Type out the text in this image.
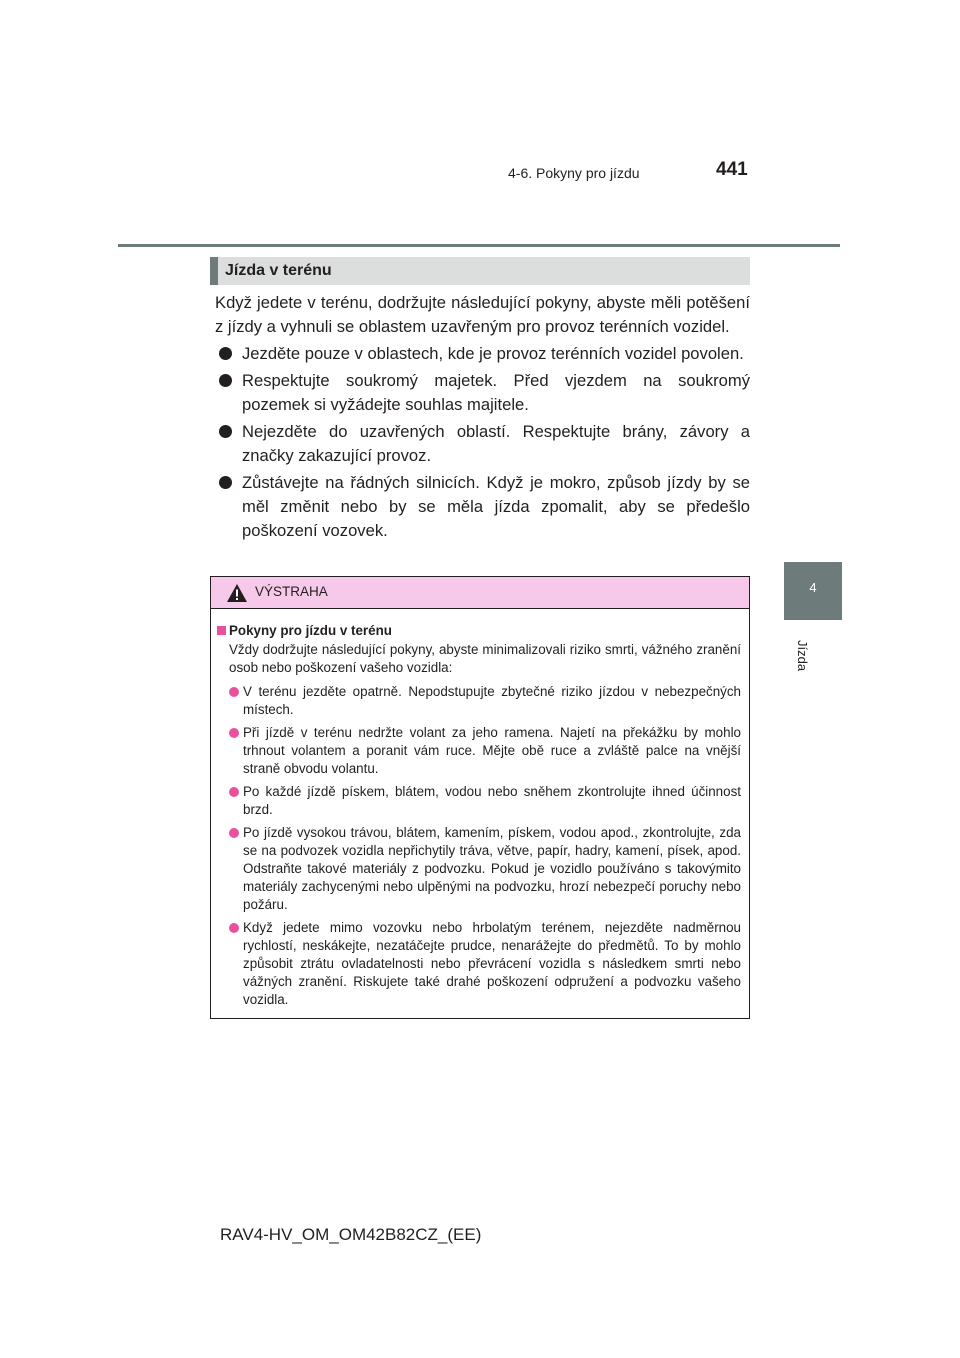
4-6. Pokyny pro jízdu	441
4
Jízda
Jízda v terénu

Když jedete v terénu, dodržujte následující pokyny, abyste měli potěšení z jízdy a vyhnuli se oblastem uzavřeným pro provoz terénních vozidel.

Jezděte pouze v oblastech, kde je provoz terénních vozidel povolen.
Respektujte soukromý majetek. Před vjezdem na soukromý pozemek si vyžádejte souhlas majitele.
Nejezděte do uzavřených oblastí. Respektujte brány, závory a značky zakazující provoz.
Zůstávejte na řádných silnicích. Když je mokro, způsob jízdy by se měl změnit nebo by se měla jízda zpomalit, aby se předešlo poškození vozovek.
VÝSTRAHA
Pokyny pro jízdu v terénu
Vždy dodržujte následující pokyny, abyste minimalizovali riziko smrti, vážného zranění osob nebo poškození vašeho vozidla:
V terénu jezděte opatrně. Nepodstupujte zbytečné riziko jízdou v nebezpečných místech.
Při jízdě v terénu nedržte volant za jeho ramena. Najetí na překážku by mohlo trhnout volantem a poranit vám ruce. Mějte obě ruce a zvláště palce na vnější straně obvodu volantu.
Po každé jízdě pískem, blátem, vodou nebo sněhem zkontrolujte ihned účinnost brzd.
Po jízdě vysokou trávou, blátem, kamením, pískem, vodou apod., zkontrolujte, zda se na podvozek vozidla nepřichytily tráva, větve, papír, hadry, kamení, písek, apod. Odstraňte takové materiály z podvozku. Pokud je vozidlo používáno s takovýmito materiály zachycenými nebo ulpěnými na podvozku, hrozí nebezpečí poruchy nebo požáru.
Když jedete mimo vozovku nebo hrbolatým terénem, nejezděte nadměrnou rychlostí, neskákejte, nezatáčejte prudce, nenarážejte do předmětů. To by mohlo způsobit ztrátu ovladatelnosti nebo převrácení vozidla s následkem smrti nebo vážných zranění. Riskujete také drahé poškození odpružení a podvozku vašeho vozidla.
RAV4-HV_OM_OM42B82CZ_(EE)
